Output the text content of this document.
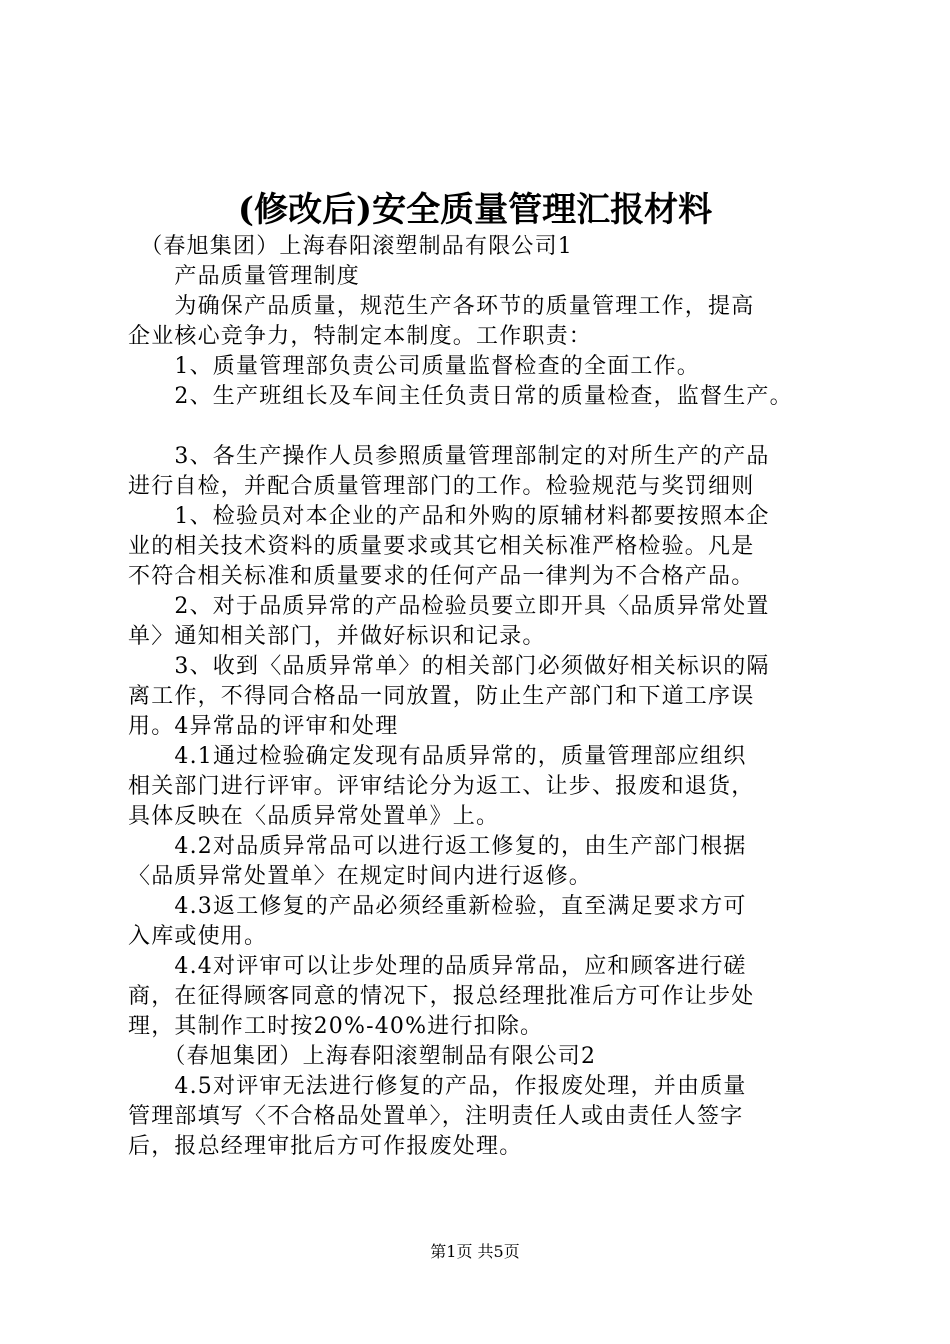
(修改后)安全质量管理汇报材料
　（春旭集团）上海春阳滚塑制品有限公司1
　　产品质量管理制度
　　为确保产品质量，规范生产各环节的质量管理工作，提高
企业核心竞争力，特制定本制度。工作职责：
　　1、质量管理部负责公司质量监督检查的全面工作。
　　2、生产班组长及车间主任负责日常的质量检查，监督生产。
　　3、各生产操作人员参照质量管理部制定的对所生产的产品
进行自检，并配合质量管理部门的工作。检验规范与奖罚细则
　　1、检验员对本企业的产品和外购的原辅材料都要按照本企
业的相关技术资料的质量要求或其它相关标准严格检验。凡是
不符合相关标准和质量要求的任何产品一律判为不合格产品。
　　2、对于品质异常的产品检验员要立即开具〈品质异常处置
单〉通知相关部门，并做好标识和记录。
　　3、收到〈品质异常单〉的相关部门必须做好相关标识的隔
离工作，不得同合格品一同放置，防止生产部门和下道工序误
用。4异常品的评审和处理
　　4.1通过检验确定发现有品质异常的，质量管理部应组织
相关部门进行评审。评审结论分为返工、让步、报废和退货，
具体反映在〈品质异常处置单》上。
　　4.2对品质异常品可以进行返工修复的，由生产部门根据
〈品质异常处置单〉在规定时间内进行返修。
　　4.3返工修复的产品必须经重新检验，直至满足要求方可
入库或使用。
　　4.4对评审可以让步处理的品质异常品，应和顾客进行磋
商，在征得顾客同意的情况下，报总经理批准后方可作让步处
理，其制作工时按20%-40%进行扣除。
　　（春旭集团）上海春阳滚塑制品有限公司2
　　4.5对评审无法进行修复的产品，作报废处理，并由质量
管理部填写〈不合格品处置单〉，注明责任人或由责任人签字
后，报总经理审批后方可作报废处理。
第1页 共5页
